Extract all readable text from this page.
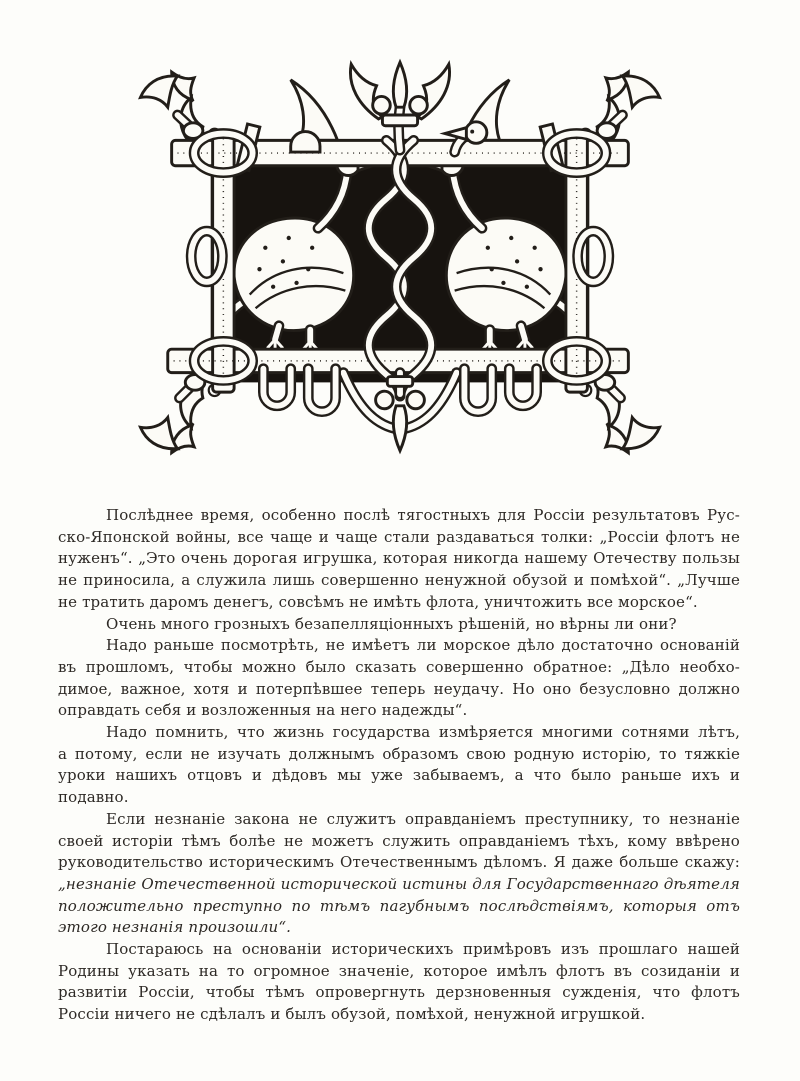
Послѣднее время, особенно послѣ тягостныхъ для Россіи результатовъ Рус-
ско-Японской войны, все чаще и чаще стали раздаваться толки: „Россіи флотъ не
нуженъ“. „Это очень дорогая игрушка, которая никогда нашему Отечеству пользы
не приносила, а служила лишь совершенно ненужной обузой и помѣхой“. „Лучше
не тратить даромъ денегъ, совсѣмъ не имѣть флота, уничтожить все морское“.
Очень много грозныхъ безапелляціонныхъ рѣшеній, но вѣрны ли они?
Надо раньше посмотрѣть, не имѣетъ ли морское дѣло достаточно основаній
въ прошломъ, чтобы можно было сказать совершенно обратное: „Дѣло необхо-
димое, важное, хотя и потерпѣвшее теперь неудачу. Но оно безусловно должно
оправдать себя и возложенныя на него надежды“.
Надо помнить, что жизнь государства измѣряется многими сотнями лѣтъ,
а потому, если не изучать должнымъ образомъ свою родную исторію, то тяжкіе
уроки нашихъ отцовъ и дѣдовъ мы уже забываемъ, а что было раньше ихъ и
подавно.
Если незнаніе закона не служитъ оправданіемъ преступнику, то незнаніе
своей исторіи тѣмъ болѣе не можетъ служить оправданіемъ тѣхъ, кому ввѣрено
руководительство историческимъ Отечественнымъ дѣломъ. Я даже больше скажу:
„незнаніе Отечественной исторической истины для Государственнаго дѣятеля
положительно преступно по тѣмъ пагубнымъ послѣдствіямъ, которыя отъ
этого незнанія произошли“.
Постараюсь на основаніи историческихъ примѣровъ изъ прошлаго нашей
Родины указать на то огромное значеніе, которое имѣлъ флотъ въ созиданіи и
развитіи Россіи, чтобы тѣмъ опровергнуть дерзновенныя сужденія, что флотъ
Россіи ничего не сдѣлалъ и былъ обузой, помѣхой, ненужной игрушкой.
